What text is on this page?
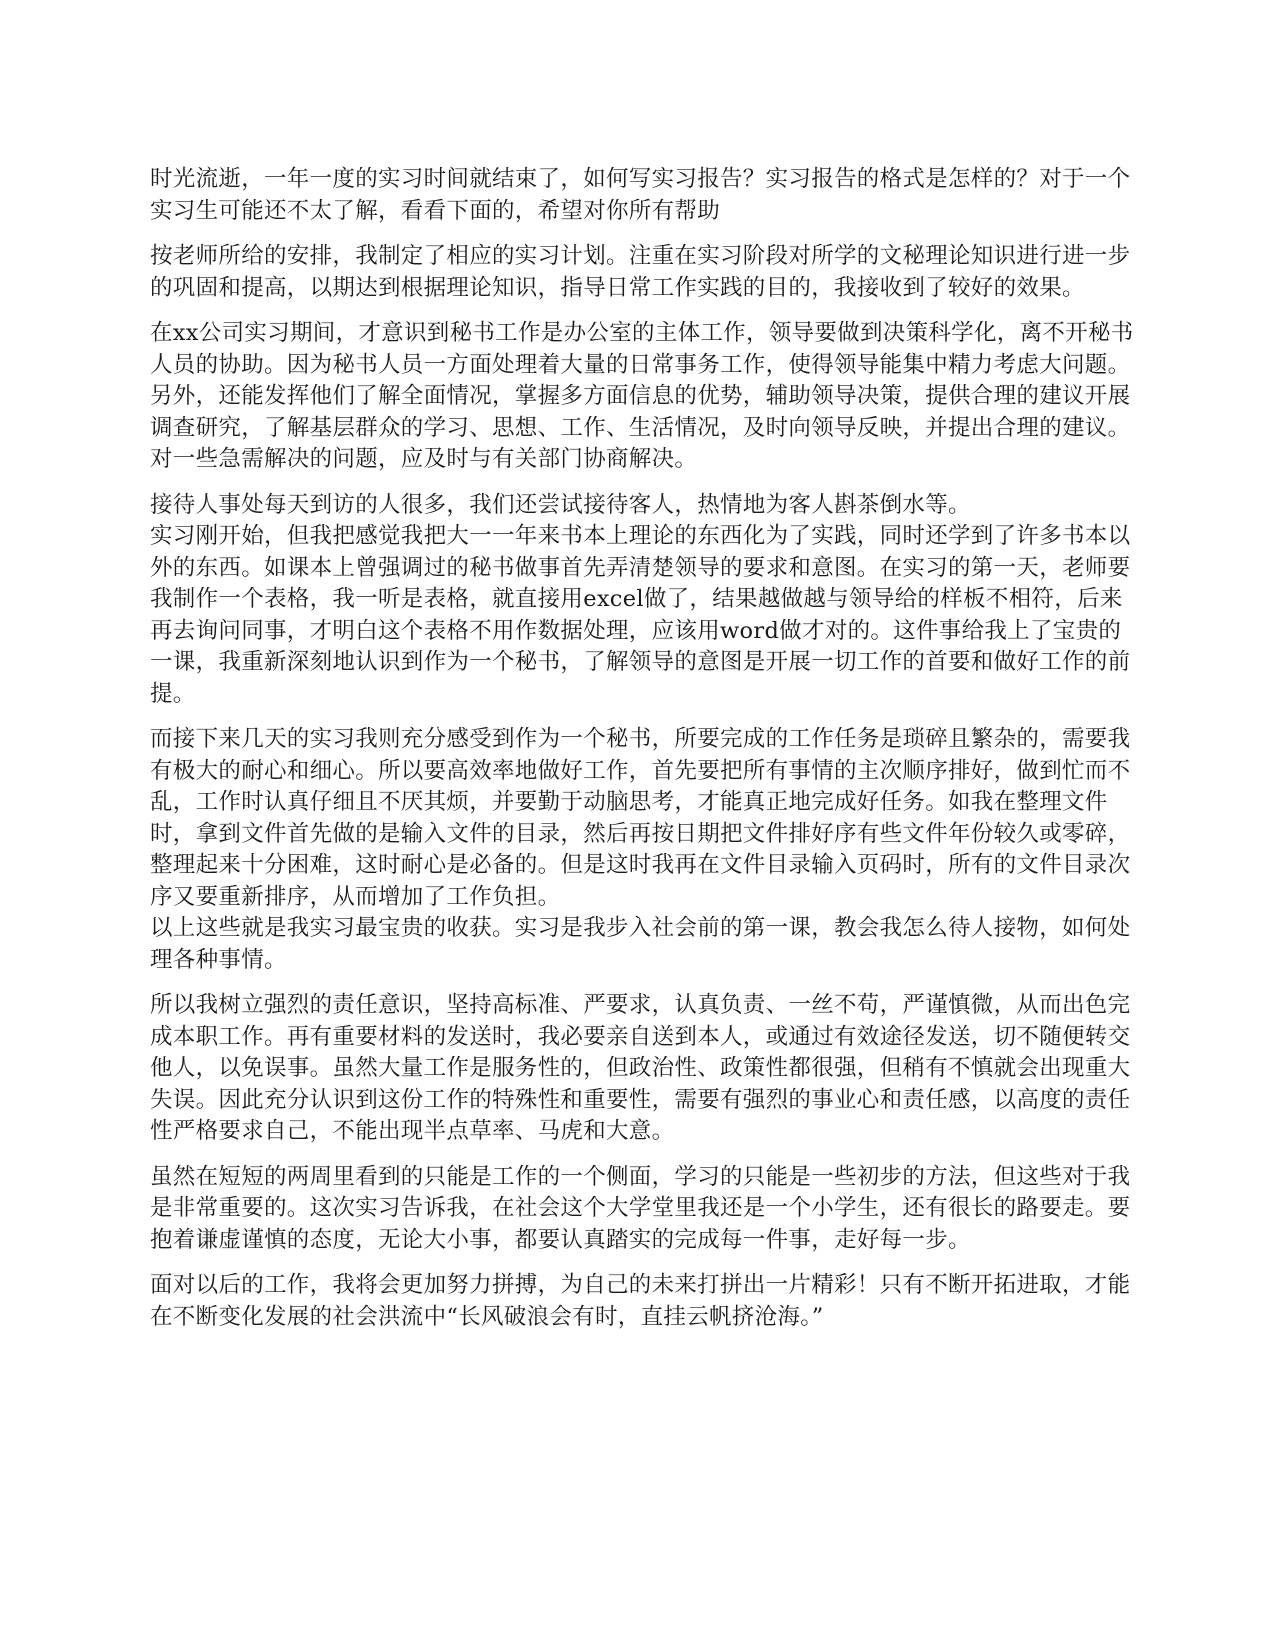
时光流逝，一年一度的实习时间就结束了，如何写实习报告？实习报告的格式是怎样的？对于一个实习生可能还不太了解，看看下面的，希望对你所有帮助

按老师所给的安排，我制定了相应的实习计划。注重在实习阶段对所学的文秘理论知识进行进一步的巩固和提高，以期达到根据理论知识，指导日常工作实践的目的，我接收到了较好的效果。

在xx公司实习期间，才意识到秘书工作是办公室的主体工作，领导要做到决策科学化，离不开秘书人员的协助。因为秘书人员一方面处理着大量的日常事务工作，使得领导能集中精力考虑大问题。另外，还能发挥他们了解全面情况，掌握多方面信息的优势，辅助领导决策，提供合理的建议开展调查研究，了解基层群众的学习、思想、工作、生活情况，及时向领导反映，并提出合理的建议。对一些急需解决的问题，应及时与有关部门协商解决。

接待人事处每天到访的人很多，我们还尝试接待客人，热情地为客人斟茶倒水等。

实习刚开始，但我把感觉我把大一一年来书本上理论的东西化为了实践，同时还学到了许多书本以外的东西。如课本上曾强调过的秘书做事首先弄清楚领导的要求和意图。在实习的第一天，老师要我制作一个表格，我一听是表格，就直接用excel做了，结果越做越与领导给的样板不相符，后来再去询问同事，才明白这个表格不用作数据处理，应该用word做才对的。这件事给我上了宝贵的一课，我重新深刻地认识到作为一个秘书，了解领导的意图是开展一切工作的首要和做好工作的前提。

而接下来几天的实习我则充分感受到作为一个秘书，所要完成的工作任务是琐碎且繁杂的，需要我有极大的耐心和细心。所以要高效率地做好工作，首先要把所有事情的主次顺序排好，做到忙而不乱，工作时认真仔细且不厌其烦，并要勤于动脑思考，才能真正地完成好任务。如我在整理文件时，拿到文件首先做的是输入文件的目录，然后再按日期把文件排好序有些文件年份较久或零碎，整理起来十分困难，这时耐心是必备的。但是这时我再在文件目录输入页码时，所有的文件目录次序又要重新排序，从而增加了工作负担。

以上这些就是我实习最宝贵的收获。实习是我步入社会前的第一课，教会我怎么待人接物，如何处理各种事情。

所以我树立强烈的责任意识，坚持高标准、严要求，认真负责、一丝不苟，严谨慎微，从而出色完成本职工作。再有重要材料的发送时，我必要亲自送到本人，或通过有效途径发送，切不随便转交他人，以免误事。虽然大量工作是服务性的，但政治性、政策性都很强，但稍有不慎就会出现重大失误。因此充分认识到这份工作的特殊性和重要性，需要有强烈的事业心和责任感，以高度的责任性严格要求自己，不能出现半点草率、马虎和大意。

虽然在短短的两周里看到的只能是工作的一个侧面，学习的只能是一些初步的方法，但这些对于我是非常重要的。这次实习告诉我，在社会这个大学堂里我还是一个小学生，还有很长的路要走。要抱着谦虚谨慎的态度，无论大小事，都要认真踏实的完成每一件事，走好每一步。

面对以后的工作，我将会更加努力拼搏，为自己的未来打拼出一片精彩！只有不断开拓进取，才能在不断变化发展的社会洪流中“长风破浪会有时，直挂云帆挤沧海。”
